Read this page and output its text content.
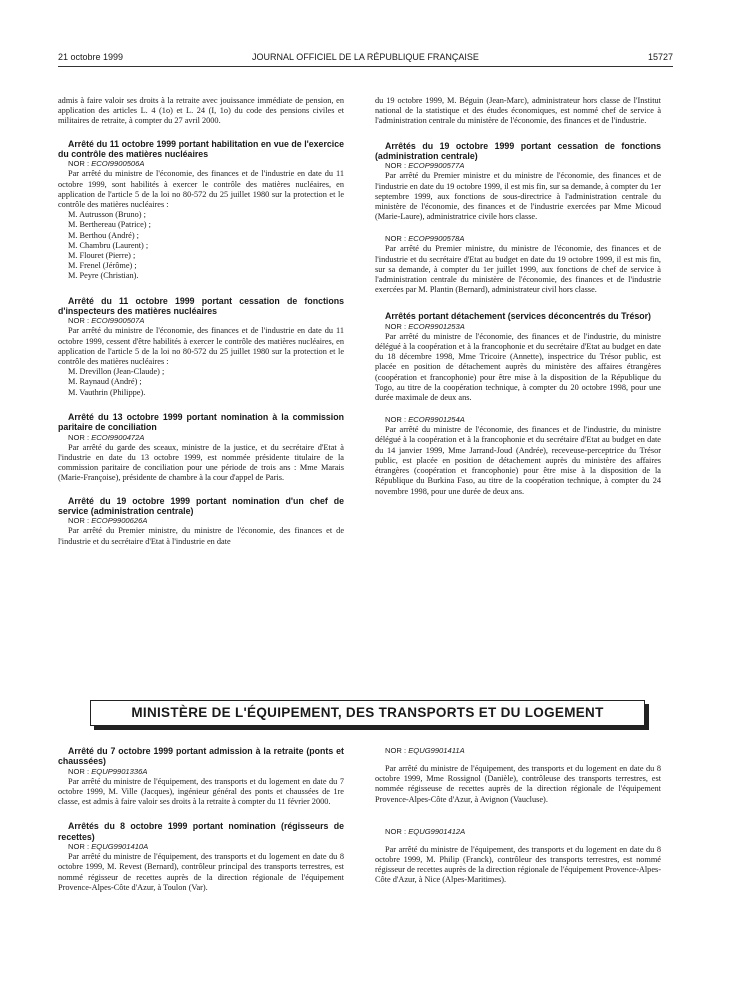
21 octobre 1999	JOURNAL OFFICIEL DE LA RÉPUBLIQUE FRANÇAISE	15727

admis à faire valoir ses droits à la retraite avec jouissance immédiate de pension, en application des articles L. 4 (1o) et L. 24 (I, 1o) du code des pensions civiles et militaires de retraite, à compter du 27 avril 2000.

Arrêté du 11 octobre 1999 portant habilitation en vue de l'exercice du contrôle des matières nucléaires

NOR : ECOI9900506A

Par arrêté du ministre de l'économie, des finances et de l'industrie en date du 11 octobre 1999, sont habilités à exercer le contrôle des matières nucléaires, en application de l'article 5 de la loi no 80-572 du 25 juillet 1980 sur la protection et le contrôle des matières nucléaires :

M. Autrusson (Bruno) ;
M. Berthereau (Patrice) ;
M. Berthou (André) ;
M. Chambru (Laurent) ;
M. Flouret (Pierre) ;
M. Frenel (Jérôme) ;
M. Peyre (Christian).

Arrêté du 11 octobre 1999 portant cessation de fonctions d'inspecteurs des matières nucléaires

NOR : ECOI9900507A

Par arrêté du ministre de l'économie, des finances et de l'industrie en date du 11 octobre 1999, cessent d'être habilités à exercer le contrôle des matières nucléaires, en application de l'article 5 de la loi no 80-572 du 25 juillet 1980 sur la protection et le contrôle des matières nucléaires :

M. Drevillon (Jean-Claude) ;
M. Raynaud (André) ;
M. Vauthrin (Philippe).

Arrêté du 13 octobre 1999 portant nomination à la commission paritaire de conciliation

NOR : ECOI9900472A

Par arrêté du garde des sceaux, ministre de la justice, et du secrétaire d'Etat à l'industrie en date du 13 octobre 1999, est nommée présidente titulaire de la commission paritaire de conciliation pour une période de trois ans : Mme Marais (Marie-Françoise), présidente de chambre à la cour d'appel de Paris.

Arrêté du 19 octobre 1999 portant nomination d'un chef de service (administration centrale)

NOR : ECOP9900626A

Par arrêté du Premier ministre, du ministre de l'économie, des finances et de l'industrie et du secrétaire d'Etat à l'industrie en date

du 19 octobre 1999, M. Béguin (Jean-Marc), administrateur hors classe de l'Institut national de la statistique et des études économiques, est nommé chef de service à l'administration centrale du ministère de l'économie, des finances et de l'industrie.

Arrêtés du 19 octobre 1999 portant cessation de fonctions (administration centrale)

NOR : ECOP9900577A

Par arrêté du Premier ministre et du ministre de l'économie, des finances et de l'industrie en date du 19 octobre 1999, il est mis fin, sur sa demande, à compter du 1er septembre 1999, aux fonctions de sous-directrice à l'administration centrale du ministère de l'économie, des finances et de l'industrie exercées par Mme Micoud (Marie-Laure), administratrice civile hors classe.

NOR : ECOP9900578A

Par arrêté du Premier ministre, du ministre de l'économie, des finances et de l'industrie et du secrétaire d'Etat au budget en date du 19 octobre 1999, il est mis fin, sur sa demande, à compter du 1er juillet 1999, aux fonctions de chef de service à l'administration centrale du ministère de l'économie, des finances et de l'industrie exercées par M. Plantin (Bernard), administrateur civil hors classe.

Arrêtés portant détachement (services déconcentrés du Trésor)

NOR : ECOR9901253A

Par arrêté du ministre de l'économie, des finances et de l'industrie, du ministre délégué à la coopération et à la francophonie et du secrétaire d'Etat au budget en date du 18 décembre 1998, Mme Tricoire (Annette), inspectrice du Trésor public, est placée en position de détachement auprès du ministère des affaires étrangères (coopération et francophonie) pour être mise à la disposition de la République du Togo, au titre de la coopération technique, à compter du 20 octobre 1998, pour une durée maximale de deux ans.

NOR : ECOR9901254A

Par arrêté du ministre de l'économie, des finances et de l'industrie, du ministre délégué à la coopération et à la francophonie et du secrétaire d'Etat au budget en date du 14 janvier 1999, Mme Jarrand-Joud (Andrée), receveuse-perceptrice du Trésor public, est placée en position de détachement auprès du ministère des affaires étrangères (coopération et francophonie) pour être mise à la disposition de la République du Burkina Faso, au titre de la coopération technique, à compter du 24 novembre 1998, pour une durée de deux ans.

MINISTÈRE DE L'ÉQUIPEMENT, DES TRANSPORTS ET DU LOGEMENT

Arrêté du 7 octobre 1999 portant admission à la retraite (ponts et chaussées)

NOR : EQUP9901336A

Par arrêté du ministre de l'équipement, des transports et du logement en date du 7 octobre 1999, M. Ville (Jacques), ingénieur général des ponts et chaussées de 1re classe, est admis à faire valoir ses droits à la retraite à compter du 11 février 2000.

Arrêtés du 8 octobre 1999 portant nomination (régisseurs de recettes)

NOR : EQUG9901410A

Par arrêté du ministre de l'équipement, des transports et du logement en date du 8 octobre 1999, M. Revest (Bernard), contrôleur principal des transports terrestres, est nommé régisseur de recettes auprès de la direction régionale de l'équipement Provence-Alpes-Côte d'Azur, à Toulon (Var).

NOR : EQUG9901411A

Par arrêté du ministre de l'équipement, des transports et du logement en date du 8 octobre 1999, Mme Rossignol (Danièle), contrôleuse des transports terrestres, est nommée régisseuse de recettes auprès de la direction régionale de l'équipement Provence-Alpes-Côte d'Azur, à Avignon (Vaucluse).

NOR : EQUG9901412A

Par arrêté du ministre de l'équipement, des transports et du logement en date du 8 octobre 1999, M. Philip (Franck), contrôleur des transports terrestres, est nommé régisseur de recettes auprès de la direction régionale de l'équipement Provence-Alpes-Côte d'Azur, à Nice (Alpes-Maritimes).
